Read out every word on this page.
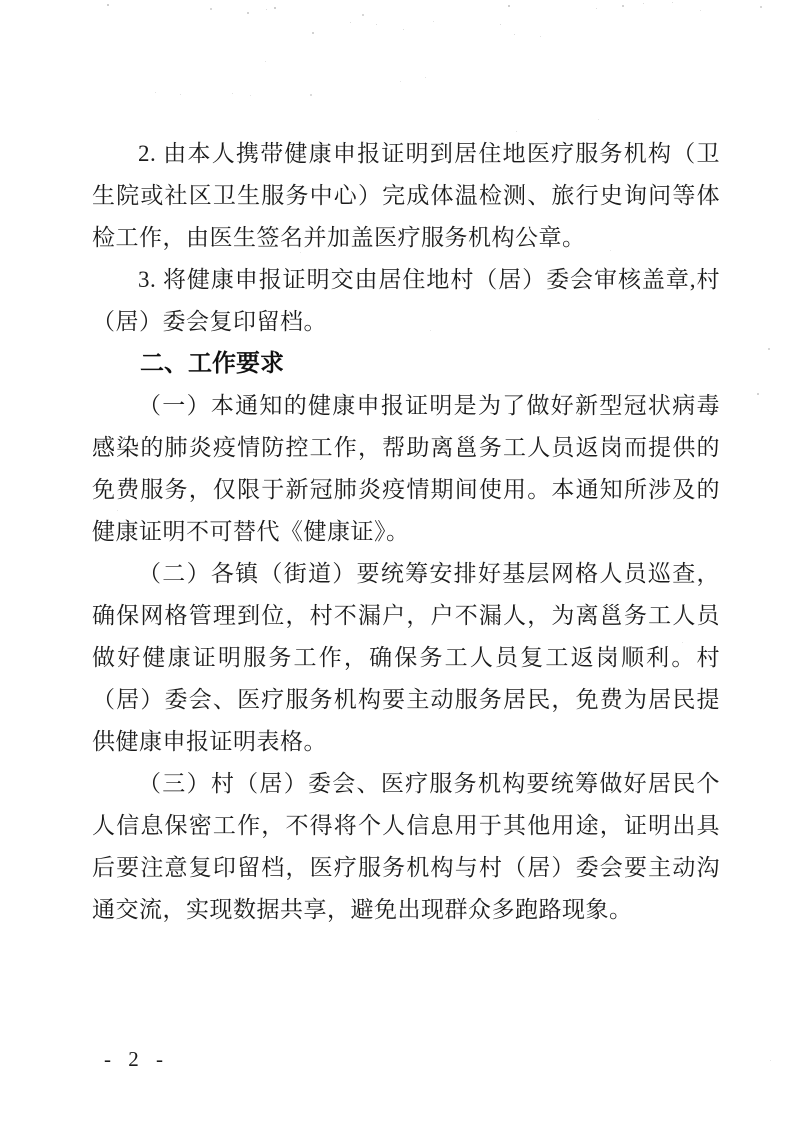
2. 由本人携带健康申报证明到居住地医疗服务机构（卫生院或社区卫生服务中心）完成体温检测、旅行史询问等体检工作，由医生签名并加盖医疗服务机构公章。

3. 将健康申报证明交由居住地村（居）委会审核盖章,村（居）委会复印留档。

二、工作要求

（一）本通知的健康申报证明是为了做好新型冠状病毒感染的肺炎疫情防控工作，帮助离邕务工人员返岗而提供的免费服务，仅限于新冠肺炎疫情期间使用。本通知所涉及的健康证明不可替代《健康证》。

（二）各镇（街道）要统筹安排好基层网格人员巡查，确保网格管理到位，村不漏户，户不漏人，为离邕务工人员做好健康证明服务工作，确保务工人员复工返岗顺利。村（居）委会、医疗服务机构要主动服务居民，免费为居民提供健康申报证明表格。

（三）村（居）委会、医疗服务机构要统筹做好居民个人信息保密工作，不得将个人信息用于其他用途，证明出具后要注意复印留档，医疗服务机构与村（居）委会要主动沟通交流，实现数据共享，避免出现群众多跑路现象。

- 2 -
